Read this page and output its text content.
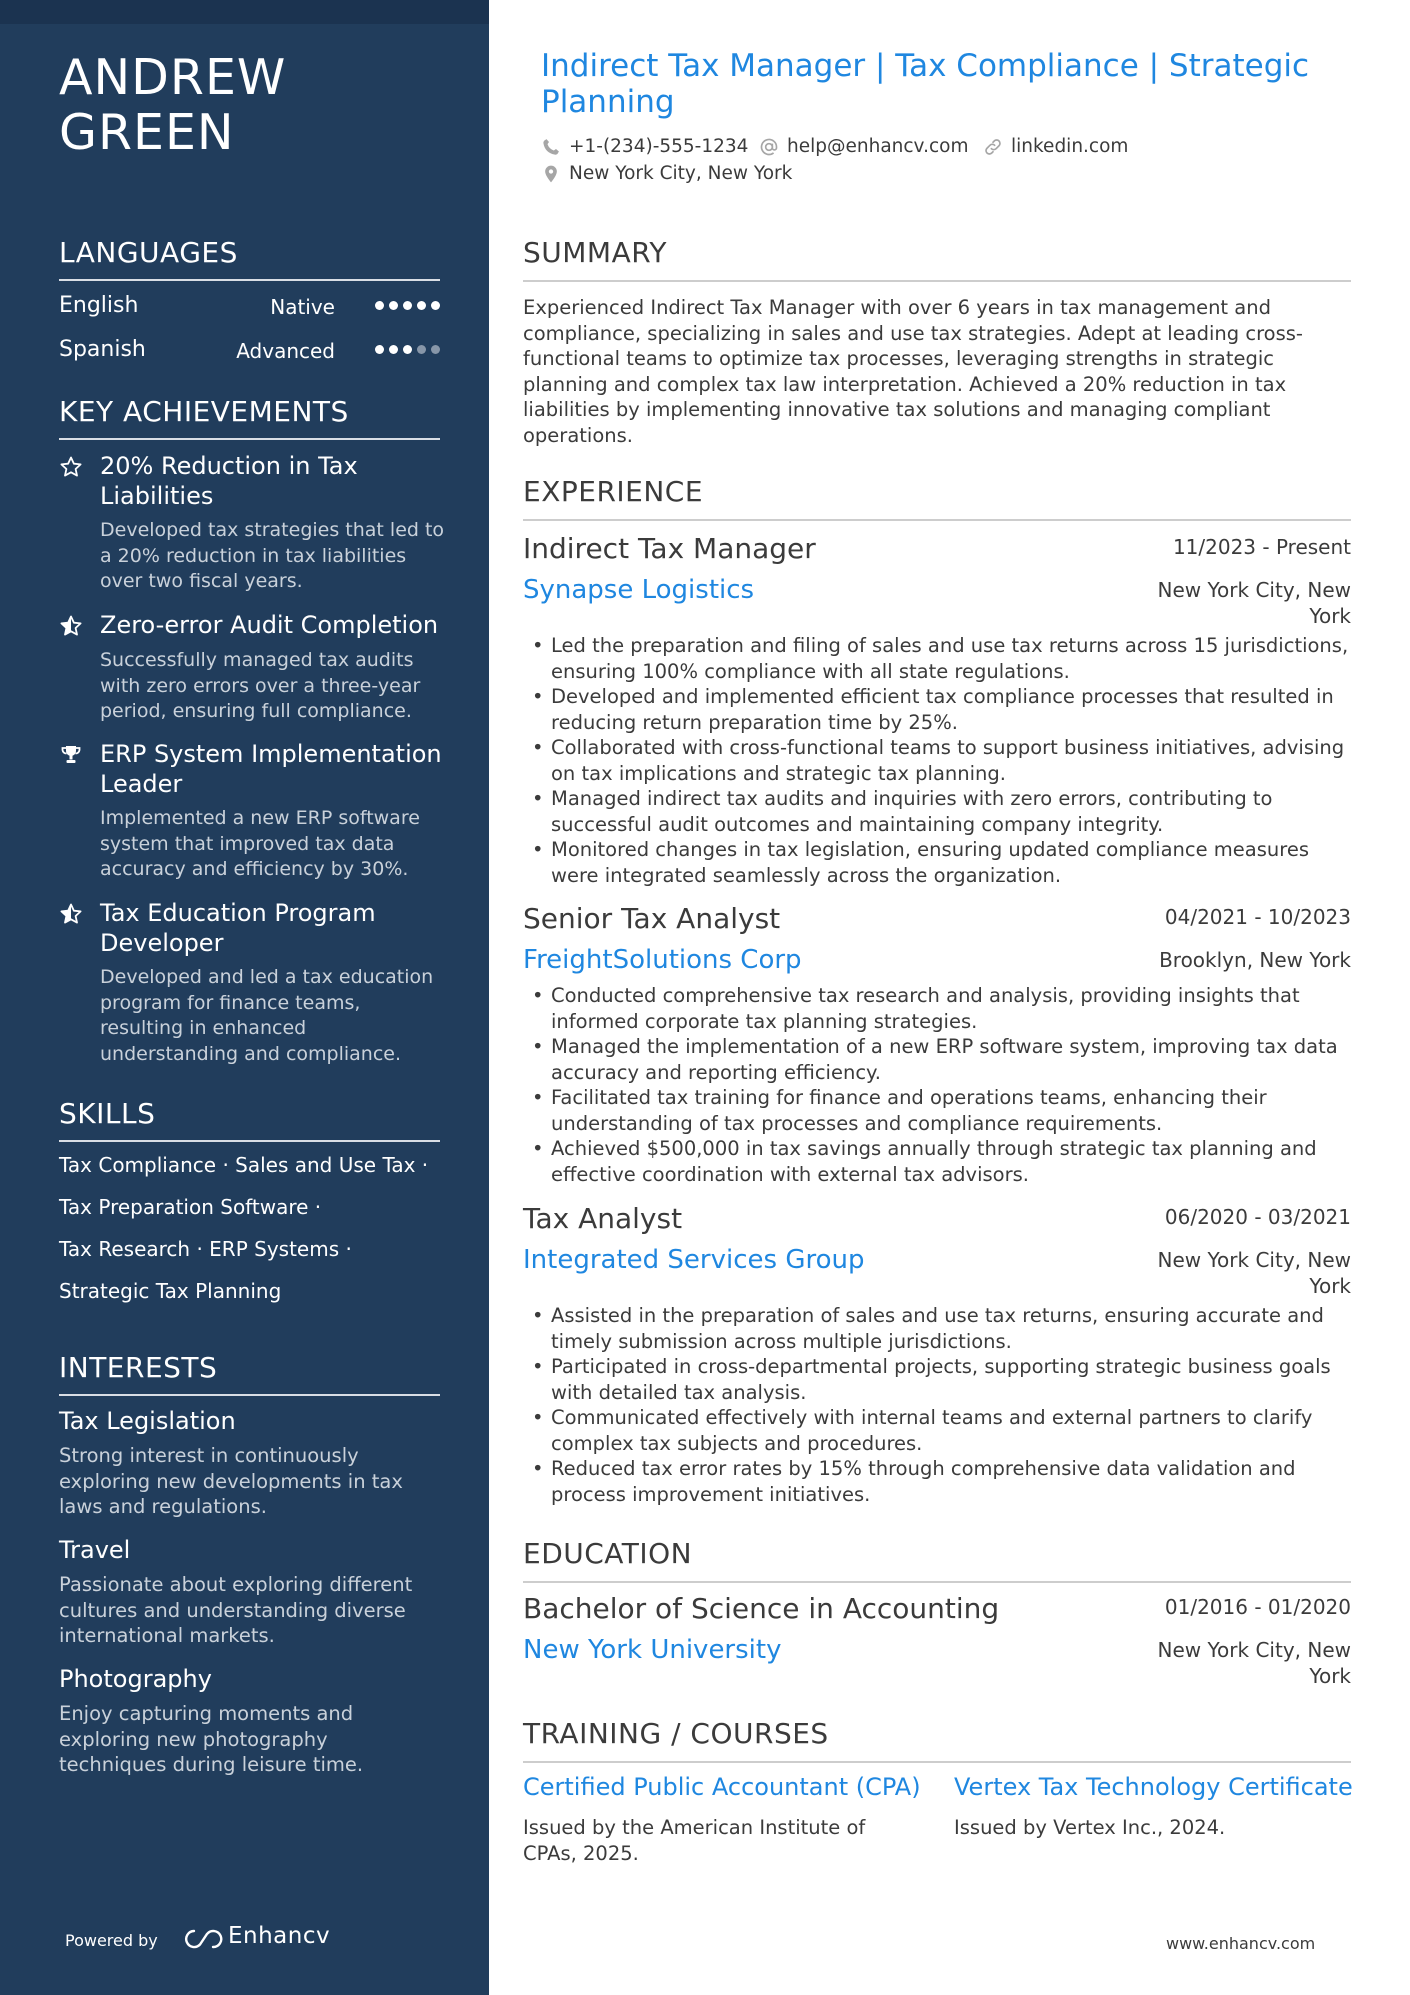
ANDREW
GREEN
LANGUAGES
English	Native
Spanish	Advanced
KEY ACHIEVEMENTS
20% Reduction in Tax Liabilities
Developed tax strategies that led to a 20% reduction in tax liabilities over two fiscal years.
Zero-error Audit Completion
Successfully managed tax audits with zero errors over a three-year period, ensuring full compliance.
ERP System Implementation Leader
Implemented a new ERP software system that improved tax data accuracy and efficiency by 30%.
Tax Education Program Developer
Developed and led a tax education program for finance teams, resulting in enhanced understanding and compliance.
SKILLS
Tax Compliance · Sales and Use Tax ·
Tax Preparation Software ·
Tax Research · ERP Systems ·
Strategic Tax Planning
INTERESTS
Tax Legislation
Strong interest in continuously exploring new developments in tax laws and regulations.
Travel
Passionate about exploring different cultures and understanding diverse international markets.
Photography
Enjoy capturing moments and exploring new photography techniques during leisure time.
Powered by	Enhancv
Indirect Tax Manager | Tax Compliance | Strategic Planning
+1-(234)-555-1234 help@enhancv.com linkedin.com
New York City, New York
SUMMARY
Experienced Indirect Tax Manager with over 6 years in tax management and compliance, specializing in sales and use tax strategies. Adept at leading cross-functional teams to optimize tax processes, leveraging strengths in strategic planning and complex tax law interpretation. Achieved a 20% reduction in tax liabilities by implementing innovative tax solutions and managing compliant operations.
EXPERIENCE
Indirect Tax Manager	11/2023 - Present
Synapse Logistics	New York City, New York
• Led the preparation and filing of sales and use tax returns across 15 jurisdictions, ensuring 100% compliance with all state regulations.
• Developed and implemented efficient tax compliance processes that resulted in reducing return preparation time by 25%.
• Collaborated with cross-functional teams to support business initiatives, advising on tax implications and strategic tax planning.
• Managed indirect tax audits and inquiries with zero errors, contributing to successful audit outcomes and maintaining company integrity.
• Monitored changes in tax legislation, ensuring updated compliance measures were integrated seamlessly across the organization.
Senior Tax Analyst	04/2021 - 10/2023
FreightSolutions Corp	Brooklyn, New York
• Conducted comprehensive tax research and analysis, providing insights that informed corporate tax planning strategies.
• Managed the implementation of a new ERP software system, improving tax data accuracy and reporting efficiency.
• Facilitated tax training for finance and operations teams, enhancing their understanding of tax processes and compliance requirements.
• Achieved $500,000 in tax savings annually through strategic tax planning and effective coordination with external tax advisors.
Tax Analyst	06/2020 - 03/2021
Integrated Services Group	New York City, New York
• Assisted in the preparation of sales and use tax returns, ensuring accurate and timely submission across multiple jurisdictions.
• Participated in cross-departmental projects, supporting strategic business goals with detailed tax analysis.
• Communicated effectively with internal teams and external partners to clarify complex tax subjects and procedures.
• Reduced tax error rates by 15% through comprehensive data validation and process improvement initiatives.
EDUCATION
Bachelor of Science in Accounting	01/2016 - 01/2020
New York University	New York City, New York
TRAINING / COURSES
Certified Public Accountant (CPA)
Issued by the American Institute of CPAs, 2025.
Vertex Tax Technology Certificate
Issued by Vertex Inc., 2024.
www.enhancv.com
